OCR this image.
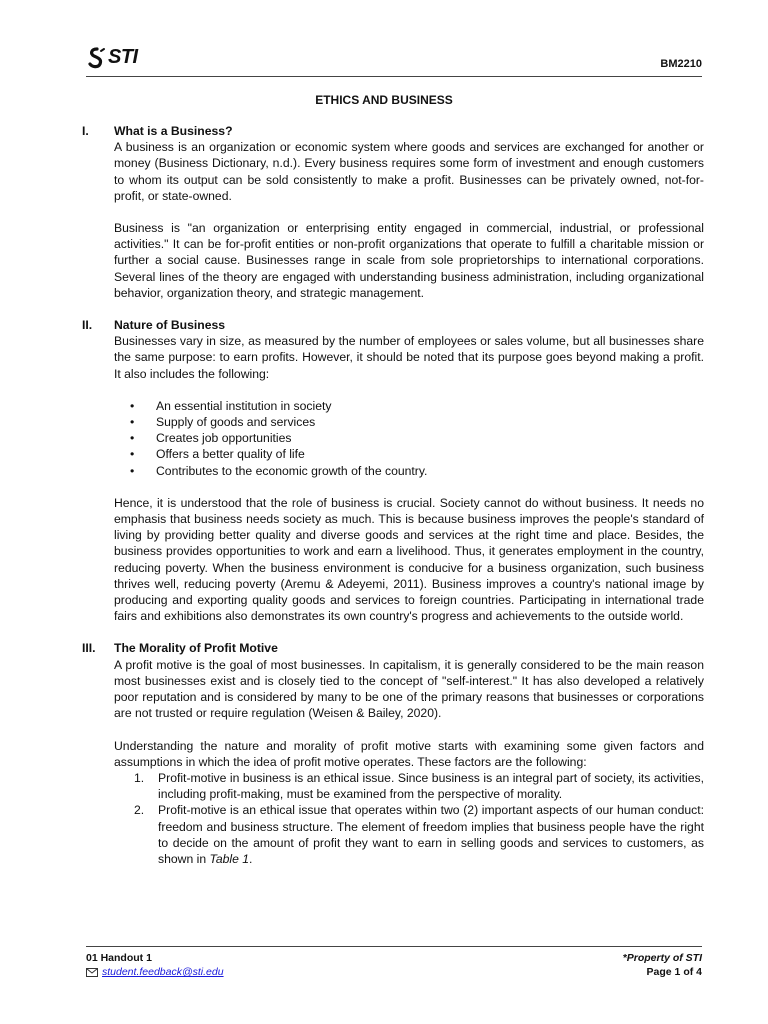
STI	BM2210
ETHICS AND BUSINESS
I. What is a Business?

A business is an organization or economic system where goods and services are exchanged for another or money (Business Dictionary, n.d.). Every business requires some form of investment and enough customers to whom its output can be sold consistently to make a profit. Businesses can be privately owned, not-for-profit, or state-owned.

Business is "an organization or enterprising entity engaged in commercial, industrial, or professional activities." It can be for-profit entities or non-profit organizations that operate to fulfill a charitable mission or further a social cause. Businesses range in scale from sole proprietorships to international corporations. Several lines of the theory are engaged with understanding business administration, including organizational behavior, organization theory, and strategic management.

II. Nature of Business

Businesses vary in size, as measured by the number of employees or sales volume, but all businesses share the same purpose: to earn profits. However, it should be noted that its purpose goes beyond making a profit. It also includes the following:

• An essential institution in society
• Supply of goods and services
• Creates job opportunities
• Offers a better quality of life
• Contributes to the economic growth of the country.

Hence, it is understood that the role of business is crucial. Society cannot do without business. It needs no emphasis that business needs society as much. This is because business improves the people's standard of living by providing better quality and diverse goods and services at the right time and place. Besides, the business provides opportunities to work and earn a livelihood. Thus, it generates employment in the country, reducing poverty. When the business environment is conducive for a business organization, such business thrives well, reducing poverty (Aremu & Adeyemi, 2011). Business improves a country's national image by producing and exporting quality goods and services to foreign countries. Participating in international trade fairs and exhibitions also demonstrates its own country's progress and achievements to the outside world.

III. The Morality of Profit Motive

A profit motive is the goal of most businesses. In capitalism, it is generally considered to be the main reason most businesses exist and is closely tied to the concept of "self-interest." It has also developed a relatively poor reputation and is considered by many to be one of the primary reasons that businesses or corporations are not trusted or require regulation (Weisen & Bailey, 2020).

Understanding the nature and morality of profit motive starts with examining some given factors and assumptions in which the idea of profit motive operates. These factors are the following:

1. Profit-motive in business is an ethical issue. Since business is an integral part of society, its activities, including profit-making, must be examined from the perspective of morality.
2. Profit-motive is an ethical issue that operates within two (2) important aspects of our human conduct: freedom and business structure. The element of freedom implies that business people have the right to decide on the amount of profit they want to earn in selling goods and services to customers, as shown in Table 1.
01 Handout 1
student.feedback@sti.edu
*Property of STI
Page 1 of 4
